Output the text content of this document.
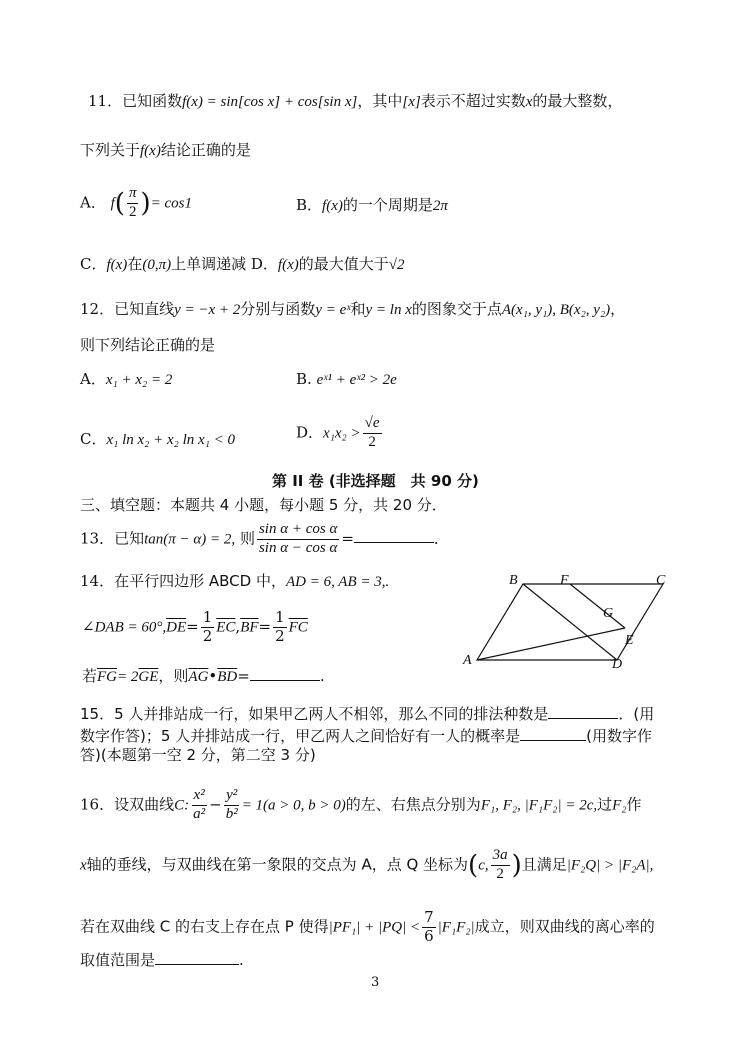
11．已知函数f(x) = sin[cos x] + cos[sin x]，其中[x]表示不超过实数x的最大整数，
下列关于f(x)结论正确的是
A． $f( \frac{\pi}{2}$ )= cos1	B．f(x)的一个周期是2π
C．f(x)在(0,π)上单调递减 D．f(x)的最大值大于√2
12．已知直线y = −x + 2分别与函数y = eˣ和y = ln x的图象交于点A(x₁, y₁), B(x₂, y₂)，
则下列结论正确的是
A．x₁ + x₂ = 2	B. eˣ¹ + eˣ² > 2e
C．x₁ ln x₂ + x₂ ln x₁ < 0	D．$x_1x_2 > \frac{√e}{2}$
第 II 卷 (非选择题　共 90 分)
三、填空题：本题共 4 小题，每小题 5 分，共 20 分．
13．已知tan(π − α) = 2, 则 $\frac{\text{sin α + cos α}}{\text{sin α − cos α}}$ =	．
14．在平行四边形 ABCD 中，AD = 6, AB = 3,.
∠DAB = $60^\circ,\overline{DE}= \frac{1}{2} \overline{EC},\overline{BF}= \frac{1}{2} \overline{FC}$
若$\overline{FG}= 2\overline{GE}$，则$\overline{AG}•\overline{BD}=$	.
A
B	C
D
E
F
G
15．5 人并排站成一行，如果甲乙两人不相邻，那么不同的排法种数是	．(用
数字作答)；5 人并排站成一行，甲乙两人之间恰好有一人的概率是	(用数字作
答)(本题第一空 2 分，第二空 3 分)
16．设双曲线C: $\frac{\text{x²}}{\text{a²}} - \frac{\text{y²}}{\text{b²}} = 1(a > 0$, b > 0)的左、右焦点分别为F₁, F₂, |F₁F₂| = 2c,过F₂作
x轴的垂线，与双曲线在第一象限的交点为 A，点 Q 坐标为(c, $\frac{3a}{2}$ )且满足|F₂Q| > |F₂A|,
若在双曲线 C 的右支上存在点 P 使得$|PF_1| + |PQ| < \frac{7}{6} |F_1F_2|$成立，则双曲线的离心率的
取值范围是	.
3
